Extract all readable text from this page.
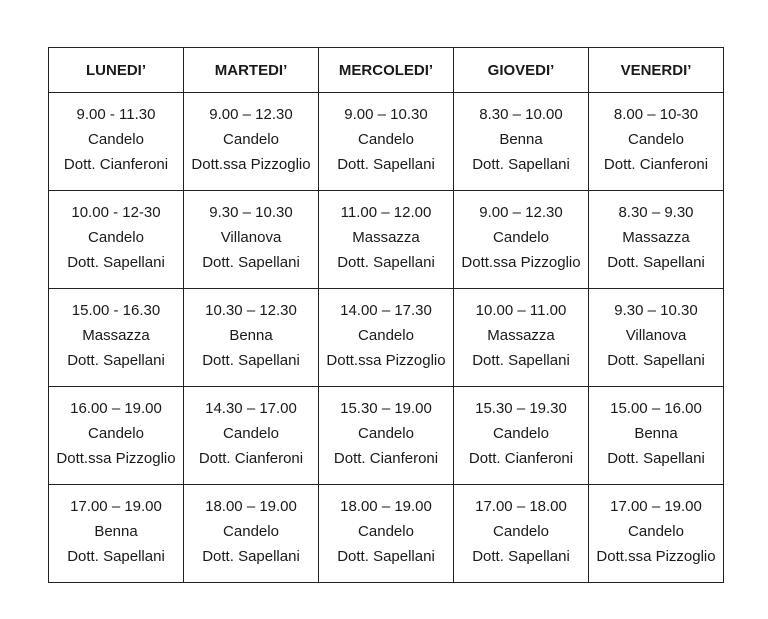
LUNEDI’	MARTEDI’	MERCOLEDI’	GIOVEDI’	VENERDI’

9.00 - 11.30
Candelo
Dott. Cianferoni	9.00 – 12.30
Candelo
Dott.ssa Pizzoglio	9.00 – 10.30
Candelo
Dott. Sapellani	8.30 – 10.00
Benna
Dott. Sapellani	8.00 – 10-30
Candelo
Dott. Cianferoni

10.00 - 12-30
Candelo
Dott. Sapellani	9.30 – 10.30
Villanova
Dott. Sapellani	11.00 – 12.00
Massazza
Dott. Sapellani	9.00 – 12.30
Candelo
Dott.ssa Pizzoglio	8.30 – 9.30
Massazza
Dott. Sapellani

15.00 - 16.30
Massazza
Dott. Sapellani	10.30 – 12.30
Benna
Dott. Sapellani	14.00 – 17.30
Candelo
Dott.ssa Pizzoglio	10.00 – 11.00
Massazza
Dott. Sapellani	9.30 – 10.30
Villanova
Dott. Sapellani

16.00 – 19.00
Candelo
Dott.ssa Pizzoglio	14.30 – 17.00
Candelo
Dott. Cianferoni	15.30 – 19.00
Candelo
Dott. Cianferoni	15.30 – 19.30
Candelo
Dott. Cianferoni	15.00 – 16.00
Benna
Dott. Sapellani

17.00 – 19.00
Benna
Dott. Sapellani	18.00 – 19.00
Candelo
Dott. Sapellani	18.00 – 19.00
Candelo
Dott. Sapellani	17.00 – 18.00
Candelo
Dott. Sapellani	17.00 – 19.00
Candelo
Dott.ssa Pizzoglio
